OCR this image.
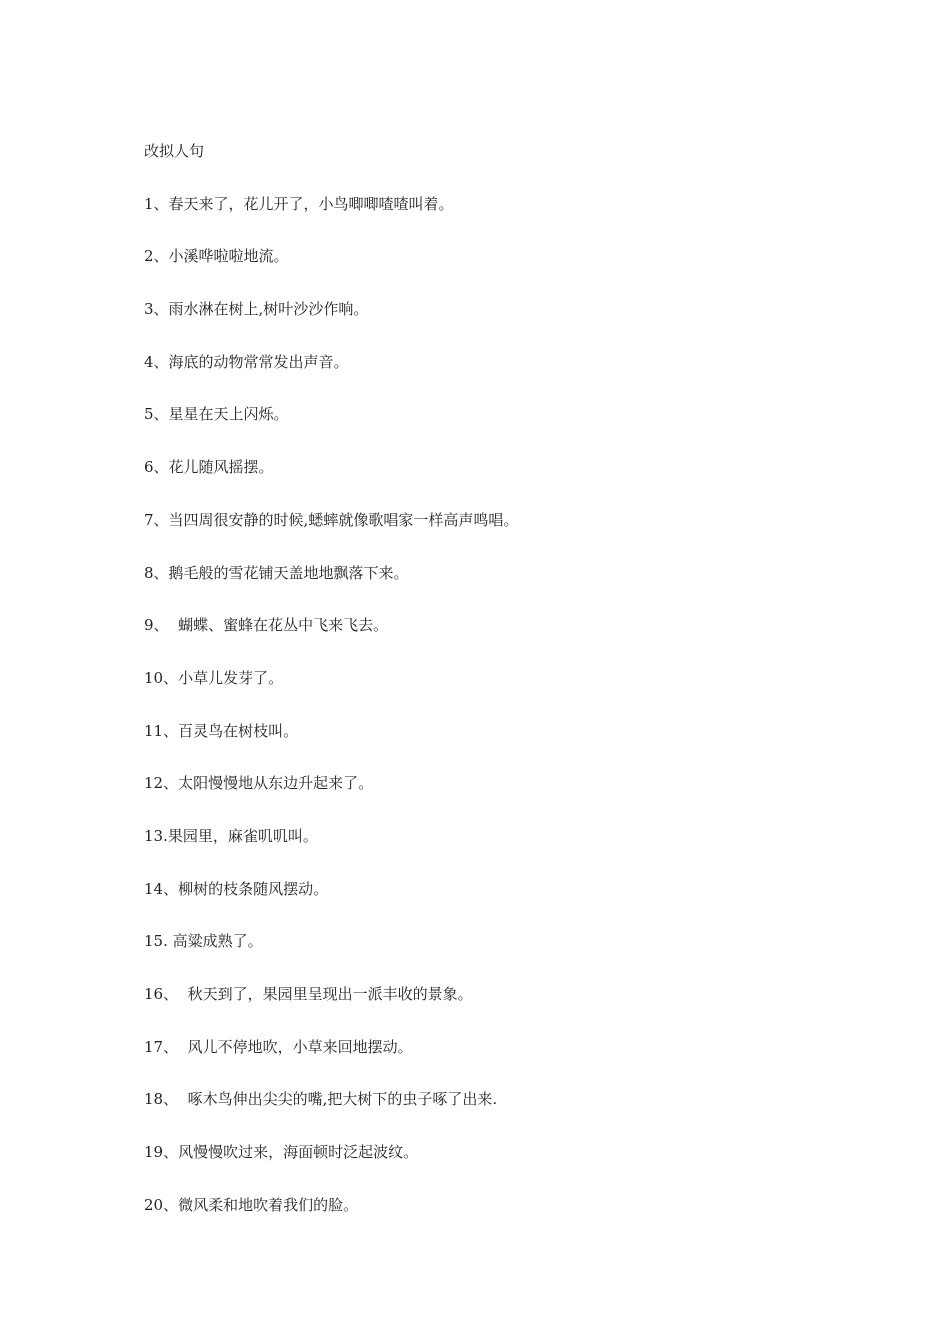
改拟人句
1、春天来了，花儿开了，小鸟唧唧喳喳叫着。
2、小溪哗啦啦地流。
3、雨水淋在树上,树叶沙沙作响。
4、海底的动物常常发出声音。
5、星星在天上闪烁。
6、花儿随风摇摆。
7、当四周很安静的时候,蟋蟀就像歌唱家一样高声鸣唱。
8、鹅毛般的雪花铺天盖地地飘落下来。
9、  蝴蝶、蜜蜂在花丛中飞来飞去。
10、小草儿发芽了。
11、百灵鸟在树枝叫。
12、太阳慢慢地从东边升起来了。
13.果园里，麻雀叽叽叫。
14、柳树的枝条随风摆动。
15. 高粱成熟了。
16、  秋天到了，果园里呈现出一派丰收的景象。
17、  风儿不停地吹，小草来回地摆动。
18、  啄木鸟伸出尖尖的嘴,把大树下的虫子啄了出来.
19、风慢慢吹过来，海面顿时泛起波纹。
20、微风柔和地吹着我们的脸。
